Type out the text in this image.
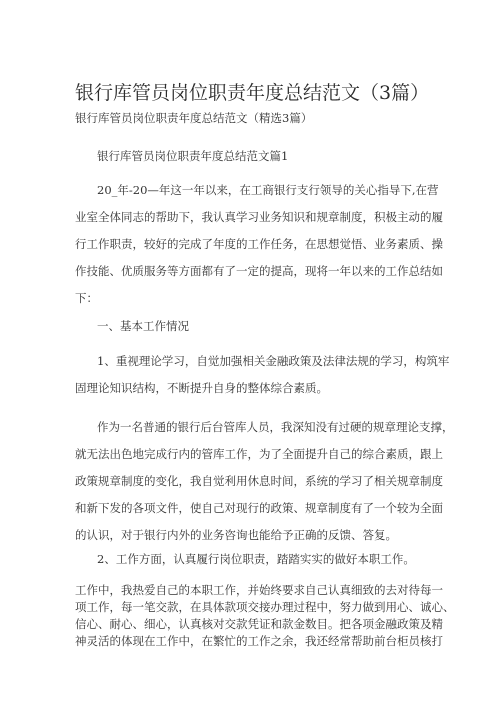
银行库管员岗位职责年度总结范文（3篇）
银行库管员岗位职责年度总结范文（精选3篇）
银行库管员岗位职责年度总结范文篇1
20_年-20—年这一年以来，在工商银行支行领导的关心指导下,在营
业室全体同志的帮助下，我认真学习业务知识和规章制度，积极主动的履
行工作职责，较好的完成了年度的工作任务，在思想觉悟、业务素质、操
作技能、优质服务等方面都有了一定的提高，现将一年以来的工作总结如
下：
一、基本工作情况
1、重视理论学习，自觉加强相关金融政策及法律法规的学习，构筑牢
固理论知识结构，不断提升自身的整体综合素质。
作为一名普通的银行后台管库人员，我深知没有过硬的规章理论支撑，
就无法出色地完成行内的管库工作，为了全面提升自己的综合素质，跟上
政策规章制度的变化，我自觉利用休息时间，系统的学习了相关规章制度
和新下发的各项文件，使自己对现行的政策、规章制度有了一个较为全面
的认识，对于银行内外的业务咨询也能给予正确的反馈、答复。
2、工作方面，认真履行岗位职责，踏踏实实的做好本职工作。
工作中，我热爱自己的本职工作，并始终要求自己认真细致的去对待每一
项工作，每一笔交款，在具体款项交接办理过程中，努力做到用心、诚心、
信心、耐心、细心，认真核对交款凭证和款金数目。把各项金融政策及精
神灵活的体现在工作中，在繁忙的工作之余，我还经常帮助前台柜员核打
